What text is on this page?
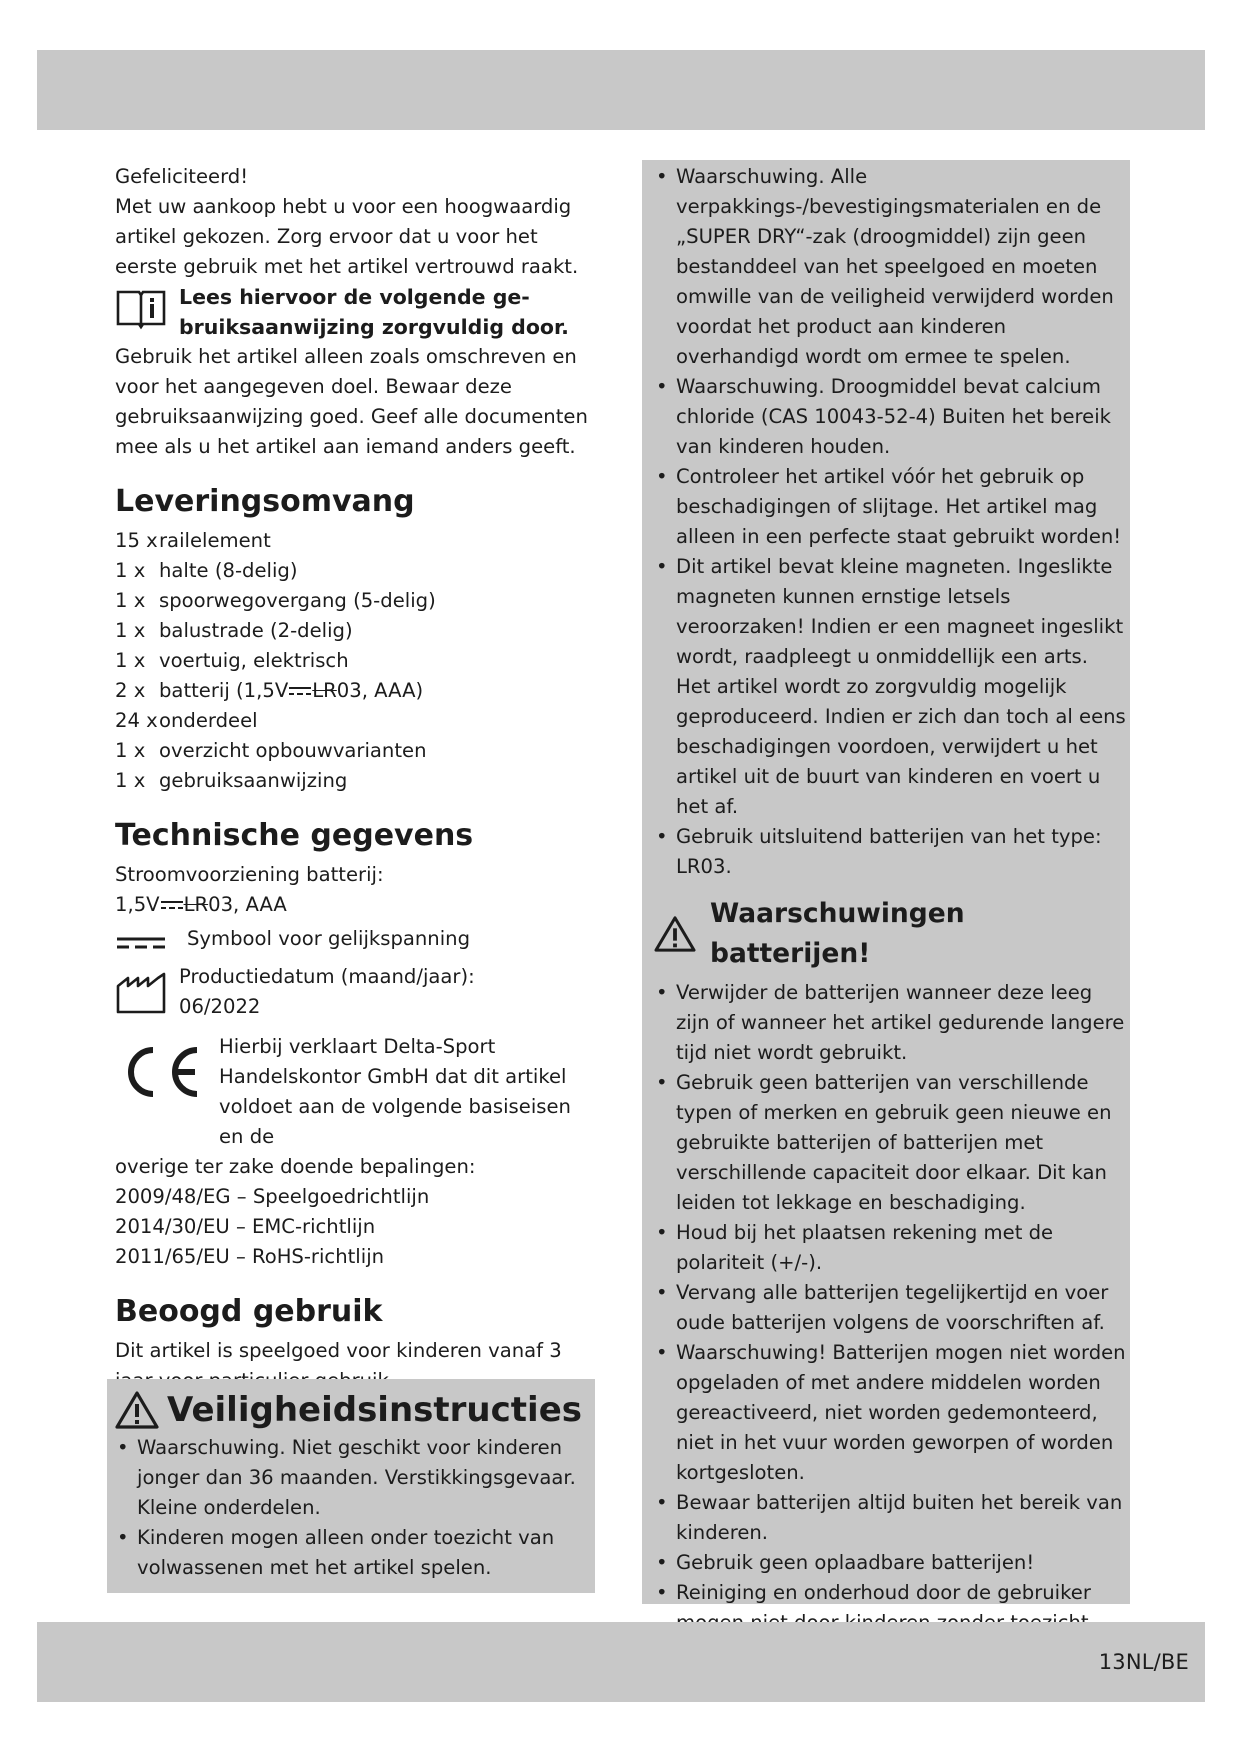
Gefeliciteerd!

Met uw aankoop hebt u voor een hoogwaardig artikel gekozen. Zorg ervoor dat u voor het eerste gebruik met het artikel vertrouwd raakt.

Lees hiervoor de volgende ge-

bruiksaanwijzing zorgvuldig door.

Gebruik het artikel alleen zoals omschreven en voor het aangegeven doel. Bewaar deze gebruiksaanwijzing goed. Geef alle documenten mee als u het artikel aan iemand anders geeft.

Leveringsomvang
15 x railelement
1 x halte (8-delig)
1 x spoorwegovergang (5-delig)
1 x balustrade (2-delig)
1 x voertuig, elektrisch
2 x batterij (1,5V LR03, AAA)
24 x onderdeel
1 x overzicht opbouwvarianten
1 x gebruiksaanwijzing
Technische gegevens

Stroomvoorziening batterij:

1,5V LR03, AAA

Symbool voor gelijkspanning

Productiedatum (maand/jaar):

06/2022

Hierbij verklaart Delta-Sport Handelskontor GmbH dat dit artikel voldoet aan de volgende basiseisen en de

overige ter zake doende bepalingen:

2009/48/EG – Speelgoedrichtlijn

2014/30/EU – EMC-richtlijn

2011/65/EU – RoHS-richtlijn

Beoogd gebruik

Dit artikel is speelgoed voor kinderen vanaf 3

Veiligheidsinstructies
• Waarschuwing. Niet geschikt voor kinderen jonger dan 36 maanden. Verstikkingsgevaar. Kleine onderdelen.
• Kinderen mogen alleen onder toezicht van volwassenen met het artikel spelen.
• Waarschuwing. Alle verpakkings-/bevestigingsmaterialen en de „SUPER DRY“-zak (droogmiddel) zijn geen bestanddeel van het speelgoed en moeten omwille van de veiligheid verwijderd worden voordat het product aan kinderen overhandigd wordt om ermee te spelen.
• Waarschuwing. Droogmiddel bevat calcium chloride (CAS 10043-52-4) Buiten het bereik van kinderen houden.
• Controleer het artikel vóór het gebruik op beschadigingen of slijtage. Het artikel mag alleen in een perfecte staat gebruikt worden!
• Dit artikel bevat kleine magneten. Ingeslikte magneten kunnen ernstige letsels veroorzaken! Indien er een magneet ingeslikt wordt, raadpleegt u onmiddellijk een arts. Het artikel wordt zo zorgvuldig mogelijk geproduceerd. Indien er zich dan toch al eens beschadigingen voordoen, verwijdert u het artikel uit de buurt van kinderen en voert u het af.
• Gebruik uitsluitend batterijen van het type: LR03.
Waarschuwingen batterijen!
• Verwijder de batterijen wanneer deze leeg zijn of wanneer het artikel gedurende langere tijd niet wordt gebruikt.
• Gebruik geen batterijen van verschillende typen of merken en gebruik geen nieuwe en gebruikte batterijen of batterijen met verschillende capaciteit door elkaar. Dit kan leiden tot lekkage en beschadiging.
• Houd bij het plaatsen rekening met de polariteit (+/-).
• Vervang alle batterijen tegelijkertijd en voer oude batterijen volgens de voorschriften af.
• Waarschuwing! Batterijen mogen niet worden opgeladen of met andere middelen worden gereactiveerd, niet worden gedemonteerd, niet in het vuur worden geworpen of worden kortgesloten.
• Bewaar batterijen altijd buiten het bereik van kinderen.
• Gebruik geen oplaadbare batterijen!
• Reiniging en onderhoud door de gebruiker
13NL/BE
